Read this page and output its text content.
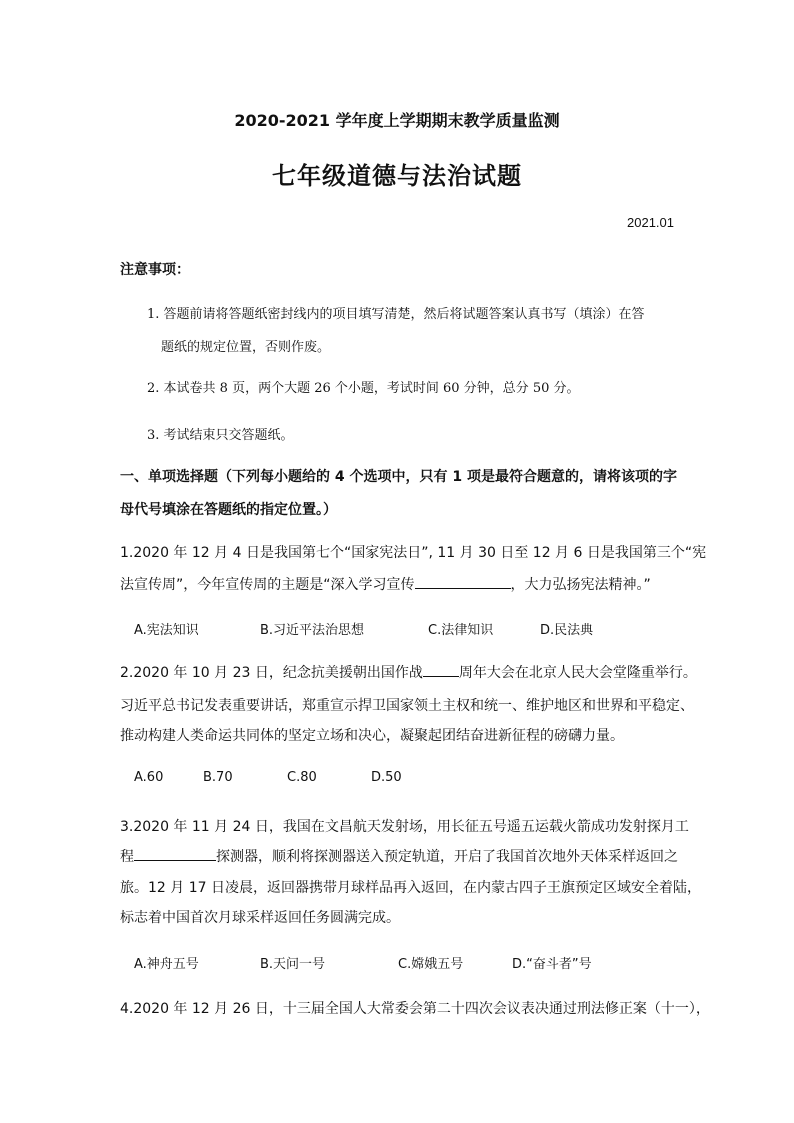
2020-2021 学年度上学期期末教学质量监测
七年级道德与法治试题
2021.01
注意事项：
1. 答题前请将答题纸密封线内的项目填写清楚，然后将试题答案认真书写（填涂）在答
题纸的规定位置，否则作废。
2. 本试卷共 8 页，两个大题 26 个小题，考试时间 60 分钟，总分 50 分。
3. 考试结束只交答题纸。
一、单项选择题（下列每小题给的 4 个选项中，只有 1 项是最符合题意的，请将该项的字
母代号填涂在答题纸的指定位置。）
1.2020 年 12 月 4 日是我国第七个“国家宪法日”, 11 月 30 日至 12 月 6 日是我国第三个“宪
法宣传周”，今年宣传周的主题是“深入学习宣传	，大力弘扬宪法精神。”
A.宪法知识	B.习近平法治思想	C.法律知识	D.民法典
2.2020 年 10 月 23 日，纪念抗美援朝出国作战	周年大会在北京人民大会堂隆重举行。
习近平总书记发表重要讲话，郑重宣示捍卫国家领土主权和统一、维护地区和世界和平稳定、
推动构建人类命运共同体的坚定立场和决心，凝聚起团结奋进新征程的磅礴力量。
A.60	B.70	C.80	D.50
3.2020 年 11 月 24 日，我国在文昌航天发射场，用长征五号遥五运载火箭成功发射探月工
程	探测器，顺利将探测器送入预定轨道，开启了我国首次地外天体采样返回之
旅。12 月 17 日凌晨，返回器携带月球样品再入返回，在内蒙古四子王旗预定区域安全着陆，
标志着中国首次月球采样返回任务圆满完成。
A.神舟五号	B.天问一号	C.嫦娥五号	D.“奋斗者”号
4.2020 年 12 月 26 日，十三届全国人大常委会第二十四次会议表决通过刑法修正案（十一），
